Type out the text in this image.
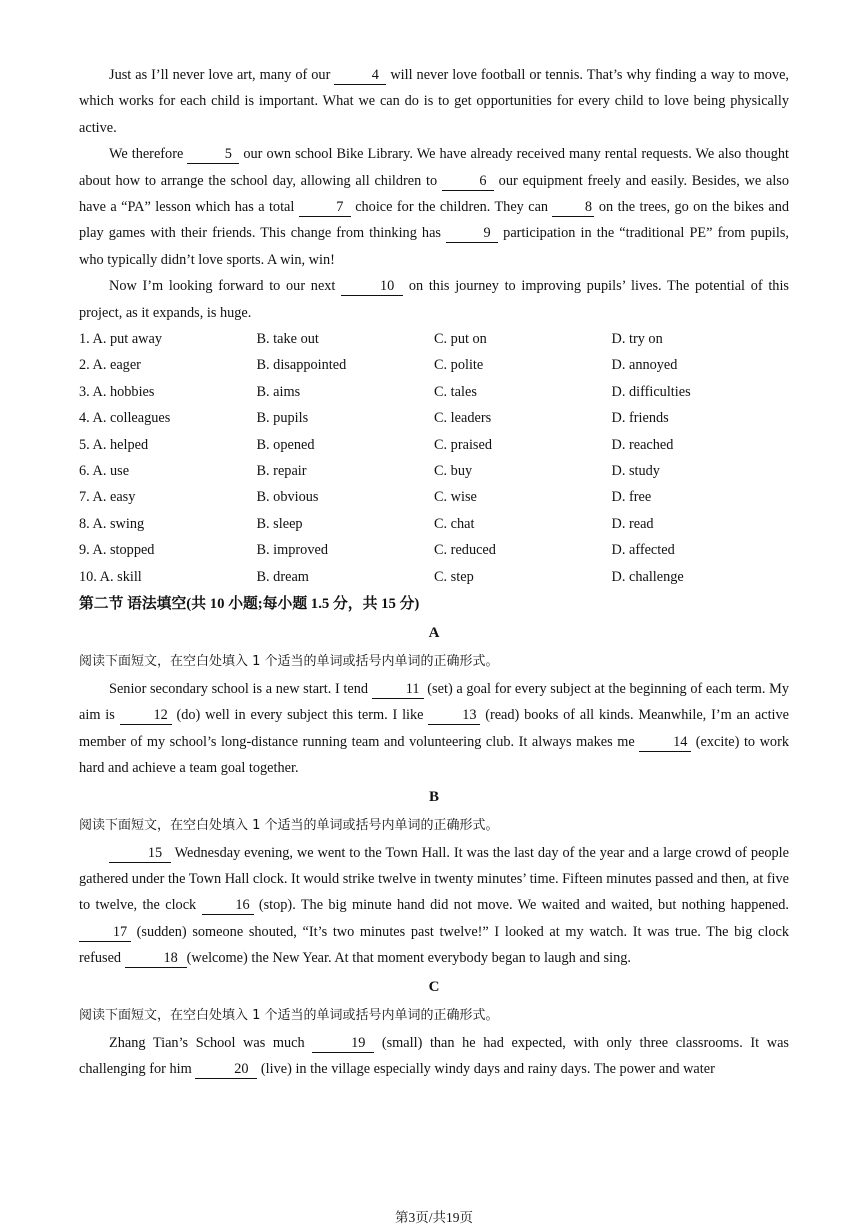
Just as I’ll never love art, many of our	4 will never love football or tennis. That’s why finding a way to move, which works for each child is important. What we can do is to get opportunities for every child to love being physically active.

We therefore	5 our own school Bike Library. We have already received many rental requests. We also thought about how to arrange the school day, allowing all children to	6 our equipment freely and easily. Besides, we also have a “PA” lesson which has a total	7 choice for the children. They can 8 on the trees, go on the bikes and play games with their friends. This change from thinking has	9 participation in the “traditional PE” from pupils, who typically didn’t love sports. A win, win!

Now I’m looking forward to our next	10 on this journey to improving pupils’ lives. The potential of this project, as it expands, is huge.

1. A. put away	B. take out	C. put on	D. try on
2. A. eager	B. disappointed	C. polite	D. annoyed
3. A. hobbies	B. aims	C. tales	D. difficulties
4. A. colleagues	B. pupils	C. leaders	D. friends
5. A. helped	B. opened	C. praised	D. reached
6. A. use	B. repair	C. buy	D. study
7. A. easy	B. obvious	C. wise	D. free
8. A. swing	B. sleep	C. chat	D. read
9. A. stopped	B. improved	C. reduced	D. affected
10. A. skill	B. dream	C. step	D. challenge
第二节 语法填空(共 10 小题;每小题 1.5 分，共 15 分)
A
阅读下面短文，在空白处填入 1 个适当的单词或括号内单词的正确形式。

Senior secondary school is a new start. I tend 11 (set) a goal for every subject at the beginning of each term. My aim is 12 (do) well in every subject this term. I like 13 (read) books of all kinds. Meanwhile, I’m an active member of my school’s long-distance running team and volunteering club. It always makes me 14 (excite) to work hard and achieve a team goal together.

B
阅读下面短文，在空白处填入 1 个适当的单词或括号内单词的正确形式。

15 Wednesday evening, we went to the Town Hall. It was the last day of the year and a large crowd of people gathered under the Town Hall clock. It would strike twelve in twenty minutes’ time. Fifteen minutes passed and then, at five to twelve, the clock 16 (stop). The big minute hand did not move. We waited and waited, but nothing happened. 17 (sudden) someone shouted, “It’s two minutes past twelve!” I looked at my watch. It was true. The big clock refused	18 (welcome) the New Year. At that moment everybody began to laugh and sing.

C
阅读下面短文，在空白处填入 1 个适当的单词或括号内单词的正确形式。

Zhang Tian’s School was much	19 (small) than he had expected, with only three classrooms. It was challenging for him	20 (live) in the village especially windy days and rainy days. The power and water

第3页/共19页
